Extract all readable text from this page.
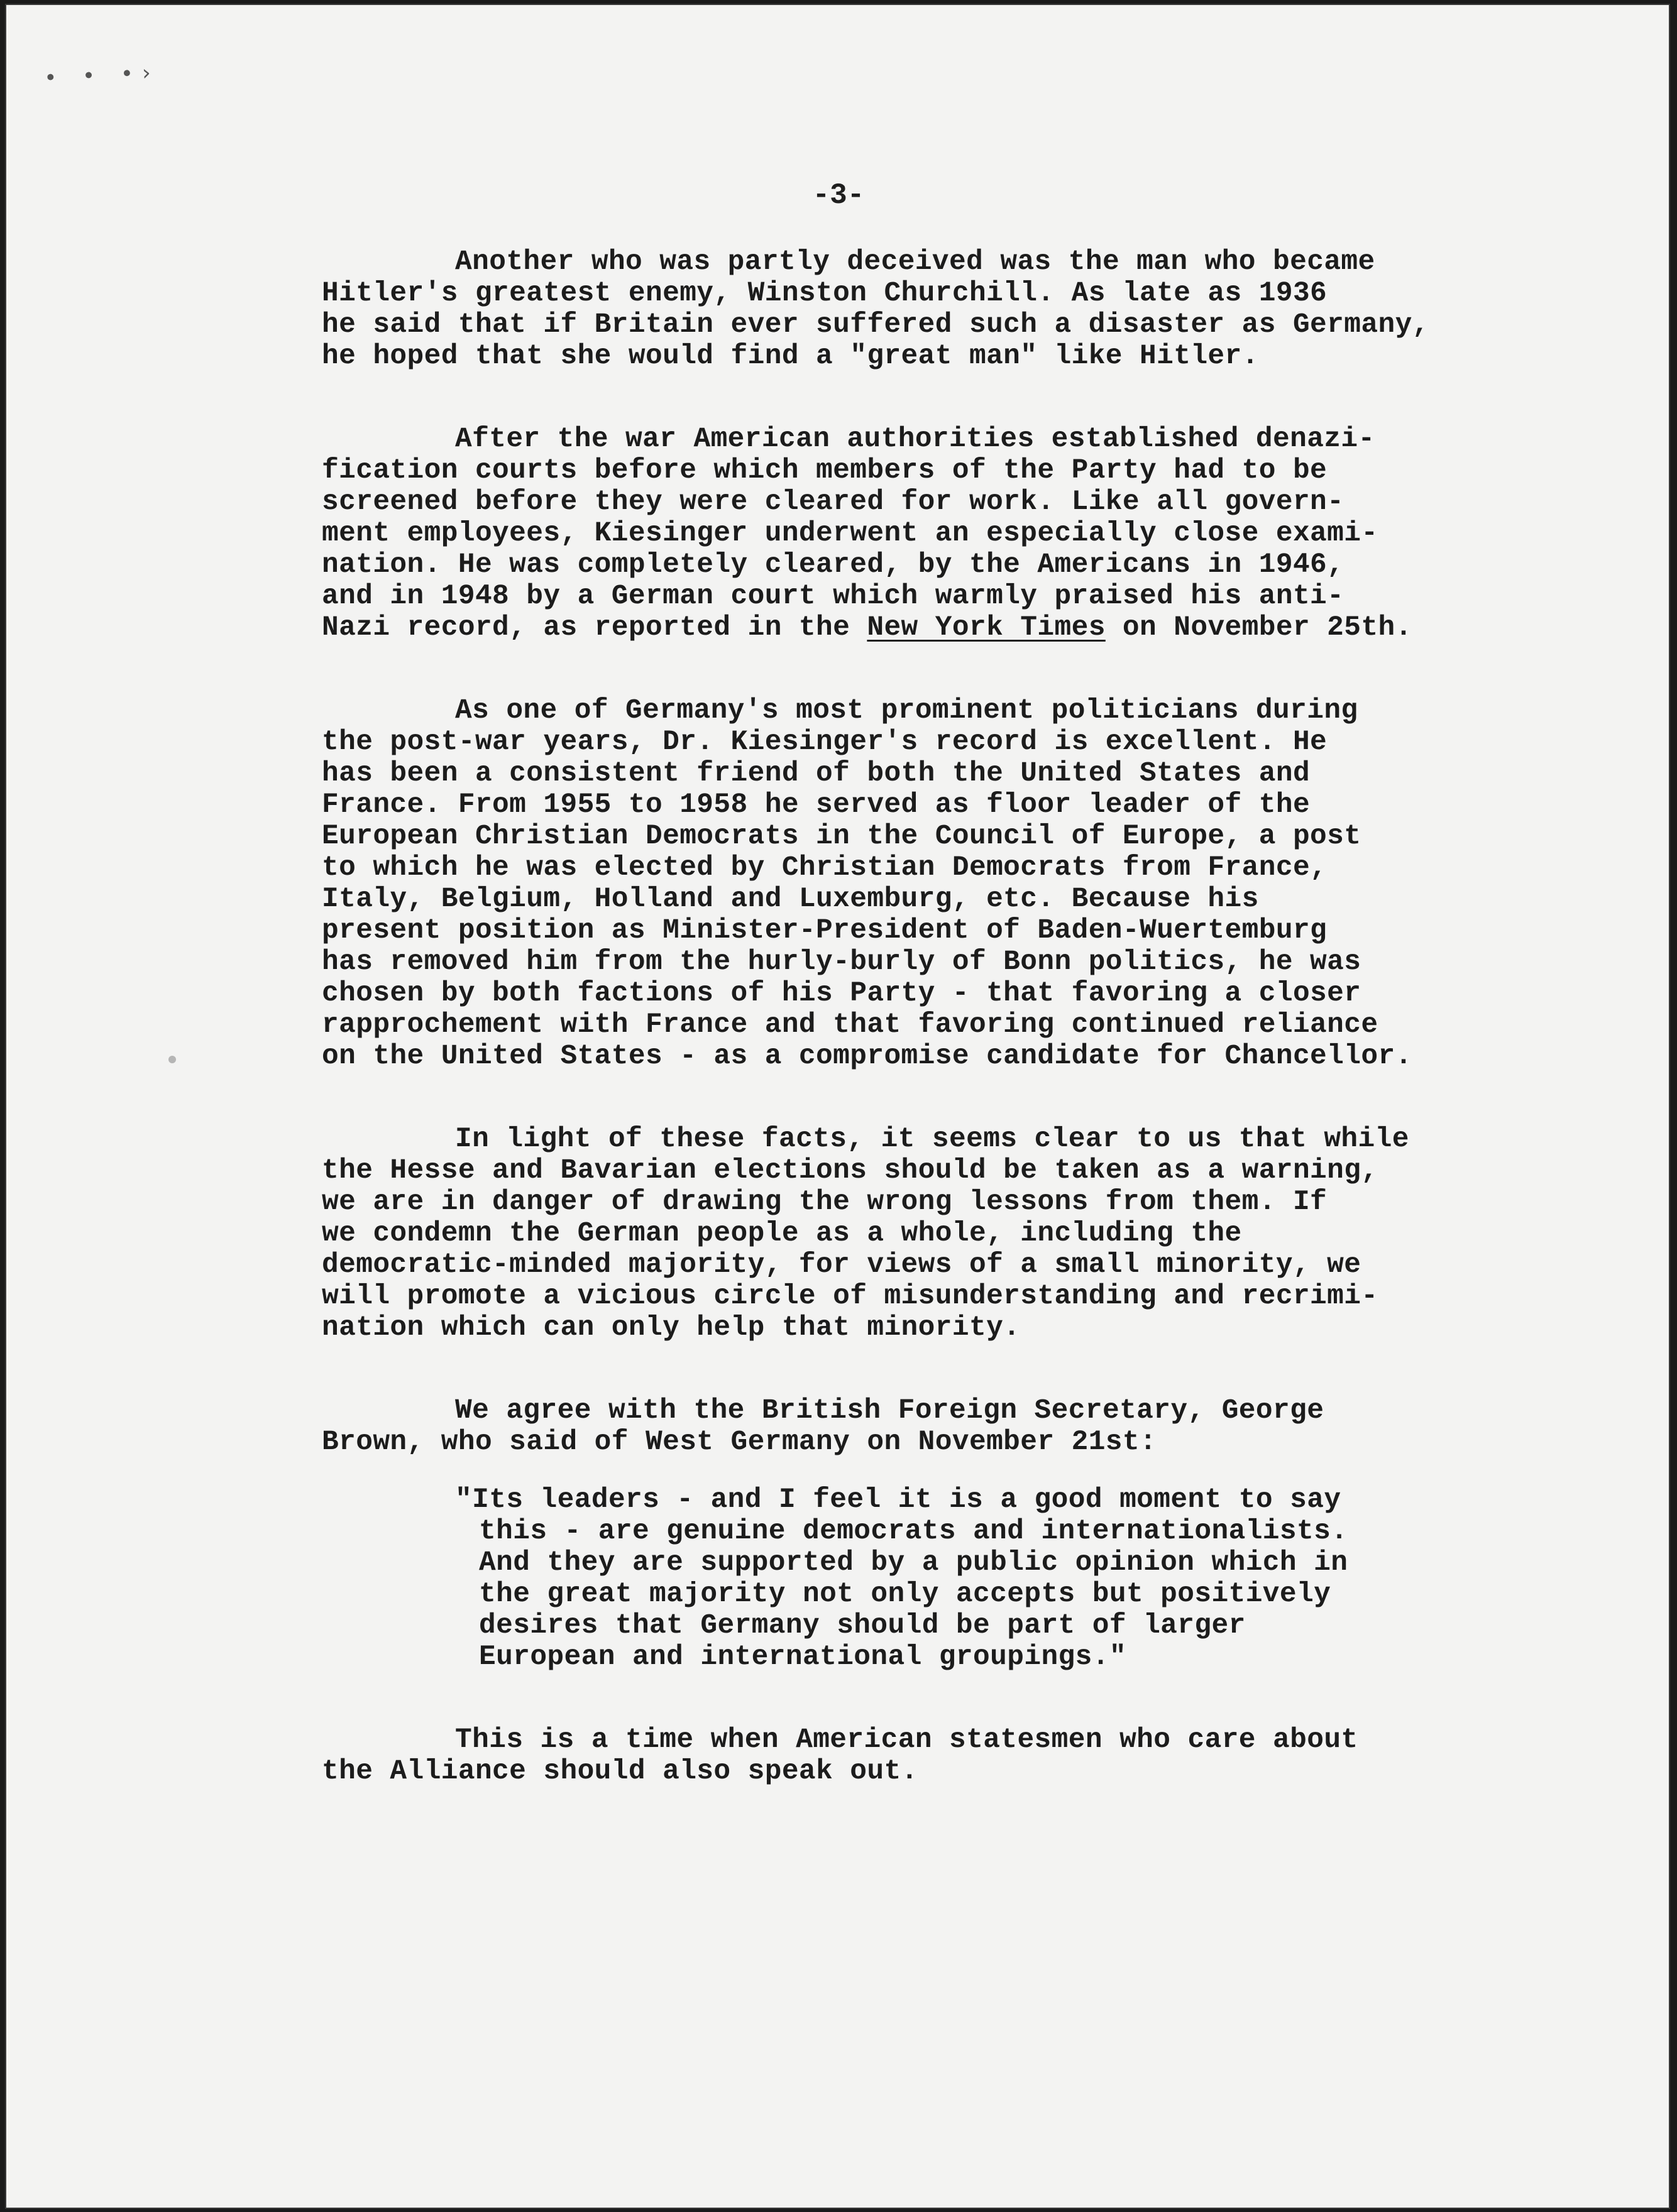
• • •›
-3-
Another who was partly deceived was the man who became
Hitler's greatest enemy, Winston Churchill. As late as 1936
he said that if Britain ever suffered such a disaster as Germany,
he hoped that she would find a "great man" like Hitler.
After the war American authorities established denazi-
fication courts before which members of the Party had to be
screened before they were cleared for work. Like all govern-
ment employees, Kiesinger underwent an especially close exami-
nation. He was completely cleared, by the Americans in 1946,
and in 1948 by a German court which warmly praised his anti-
Nazi record, as reported in the New York Times on November 25th.
As one of Germany's most prominent politicians during
the post-war years, Dr. Kiesinger's record is excellent. He
has been a consistent friend of both the United States and
France. From 1955 to 1958 he served as floor leader of the
European Christian Democrats in the Council of Europe, a post
to which he was elected by Christian Democrats from France,
Italy, Belgium, Holland and Luxemburg, etc. Because his
present position as Minister-President of Baden-Wuertemburg
has removed him from the hurly-burly of Bonn politics, he was
chosen by both factions of his Party - that favoring a closer
rapprochement with France and that favoring continued reliance
on the United States - as a compromise candidate for Chancellor.
In light of these facts, it seems clear to us that while
the Hesse and Bavarian elections should be taken as a warning,
we are in danger of drawing the wrong lessons from them. If
we condemn the German people as a whole, including the
democratic-minded majority, for views of a small minority, we
will promote a vicious circle of misunderstanding and recrimi-
nation which can only help that minority.
We agree with the British Foreign Secretary, George
Brown, who said of West Germany on November 21st:
"Its leaders - and I feel it is a good moment to say
this - are genuine democrats and internationalists.
And they are supported by a public opinion which in
the great majority not only accepts but positively
desires that Germany should be part of larger
European and international groupings."
This is a time when American statesmen who care about
the Alliance should also speak out.
